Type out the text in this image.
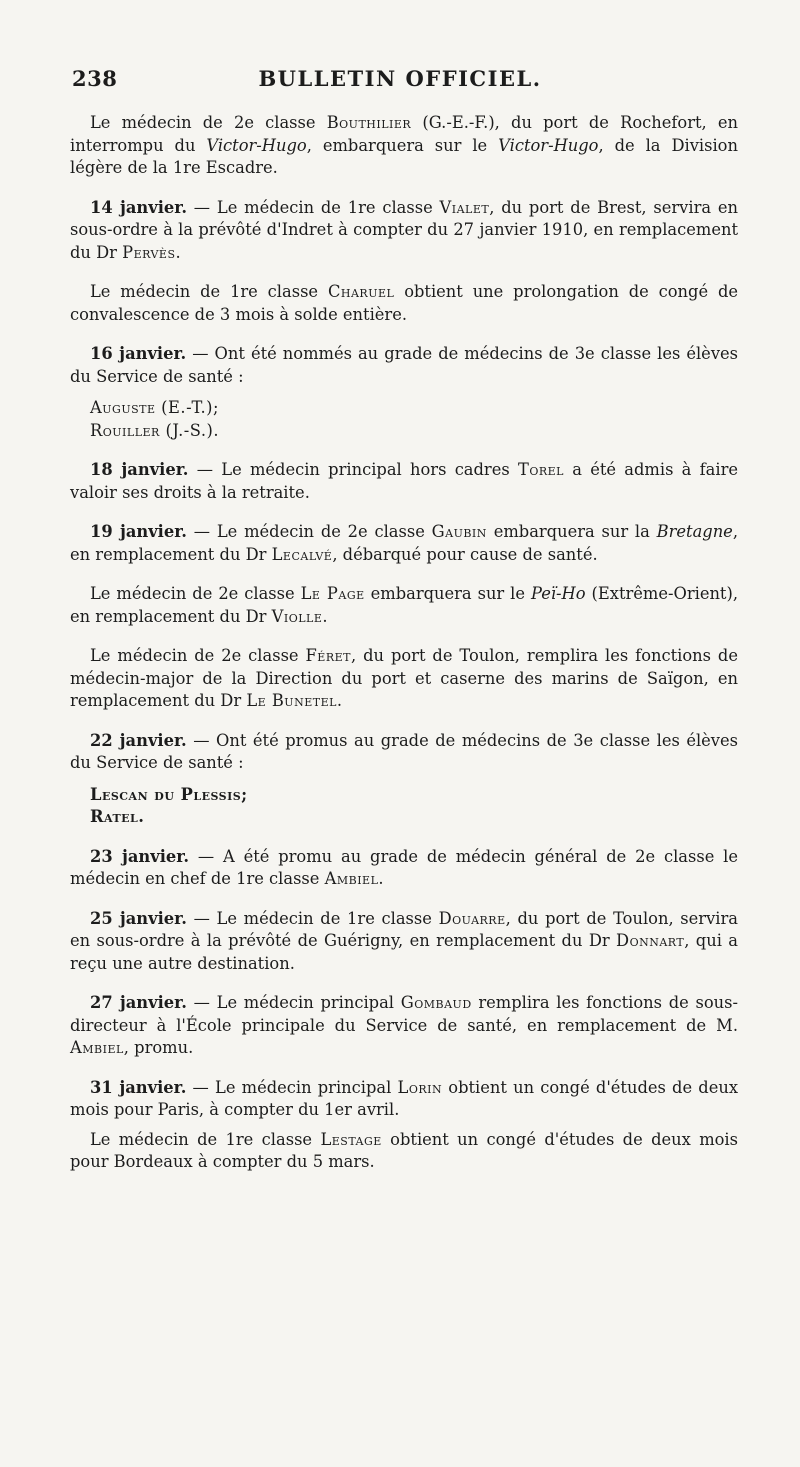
238	BULLETIN OFFICIEL.

Le médecin de 2e classe Bouthilier (G.-E.-F.), du port de Rochefort, en interrompu du Victor-Hugo, embarquera sur le Victor-Hugo, de la Division légère de la 1re Escadre.

14 janvier. — Le médecin de 1re classe Vialet, du port de Brest, servira en sous-ordre à la prévôté d'Indret à compter du 27 janvier 1910, en remplacement du Dr Pervès.

Le médecin de 1re classe Charuel obtient une prolongation de congé de convalescence de 3 mois à solde entière.

16 janvier. — Ont été nommés au grade de médecins de 3e classe les élèves du Service de santé :

Auguste (E.-T.);
Rouiller (J.-S.).

18 janvier. — Le médecin principal hors cadres Torel a été admis à faire valoir ses droits à la retraite.

19 janvier. — Le médecin de 2e classe Gaubin embarquera sur la Bretagne, en remplacement du Dr Lecalvé, débarqué pour cause de santé.

Le médecin de 2e classe Le Page embarquera sur le Peï-Ho (Extrême-Orient), en remplacement du Dr Violle.

Le médecin de 2e classe Féret, du port de Toulon, remplira les fonctions de médecin-major de la Direction du port et caserne des marins de Saïgon, en remplacement du Dr Le Bunetel.

22 janvier. — Ont été promus au grade de médecins de 3e classe les élèves du Service de santé :

Lescan du Plessis;
Ratel.

23 janvier. — A été promu au grade de médecin général de 2e classe le médecin en chef de 1re classe Ambiel.

25 janvier. — Le médecin de 1re classe Douarre, du port de Toulon, servira en sous-ordre à la prévôté de Guérigny, en remplacement du Dr Donnart, qui a reçu une autre destination.

27 janvier. — Le médecin principal Gombaud remplira les fonctions de sous-directeur à l'École principale du Service de santé, en remplacement de M. Ambiel, promu.

31 janvier. — Le médecin principal Lorin obtient un congé d'études de deux mois pour Paris, à compter du 1er avril.

Le médecin de 1re classe Lestage obtient un congé d'études de deux mois pour Bordeaux à compter du 5 mars.
